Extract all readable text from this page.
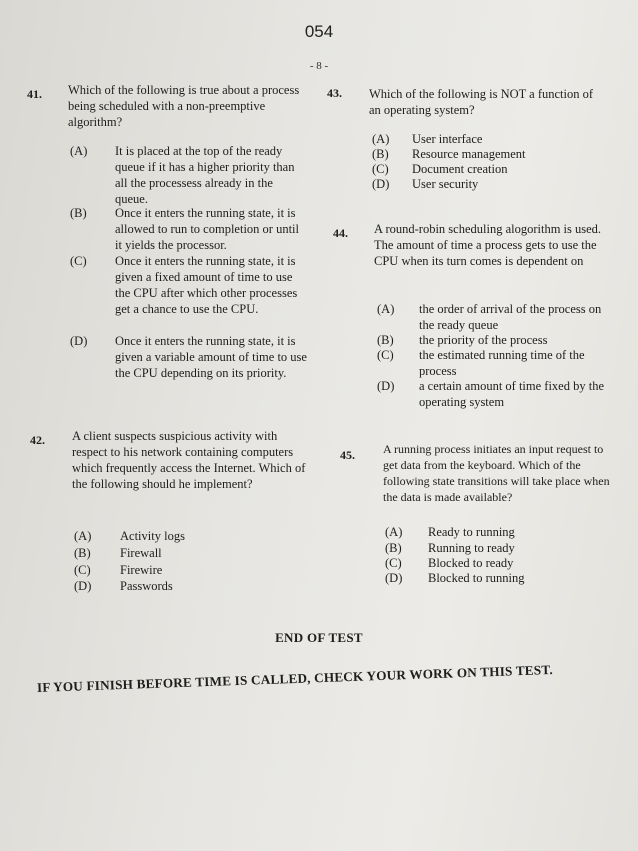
054
- 8 -
41. Which of the following is true about a process being scheduled with a non-preemptive algorithm?
(A) It is placed at the top of the ready queue if it has a higher priority than all the processess already in the queue.
(B) Once it enters the running state, it is allowed to run to completion or until it yields the processor.
(C) Once it enters the running state, it is given a fixed amount of time to use the CPU after which other processes get a chance to use the CPU.
(D) Once it enters the running state, it is given a variable amount of time to use the CPU depending on its priority.
42. A client suspects suspicious activity with respect to his network containing computers which frequently access the Internet. Which of the following should he implement?
(A) Activity logs
(B) Firewall
(C) Firewire
(D) Passwords
43. Which of the following is NOT a function of an operating system?
(A) User interface
(B) Resource management
(C) Document creation
(D) User security
44. A round-robin scheduling alogorithm is used. The amount of time a process gets to use the CPU when its turn comes is dependent on
(A) the order of arrival of the process on the ready queue
(B) the priority of the process
(C) the estimated running time of the process
(D) a certain amount of time fixed by the operating system
45. A running process initiates an input request to get data from the keyboard. Which of the following state transitions will take place when the data is made available?
(A) Ready to running
(B) Running to ready
(C) Blocked to ready
(D) Blocked to running
END OF TEST
IF YOU FINISH BEFORE TIME IS CALLED, CHECK YOUR WORK ON THIS TEST.
